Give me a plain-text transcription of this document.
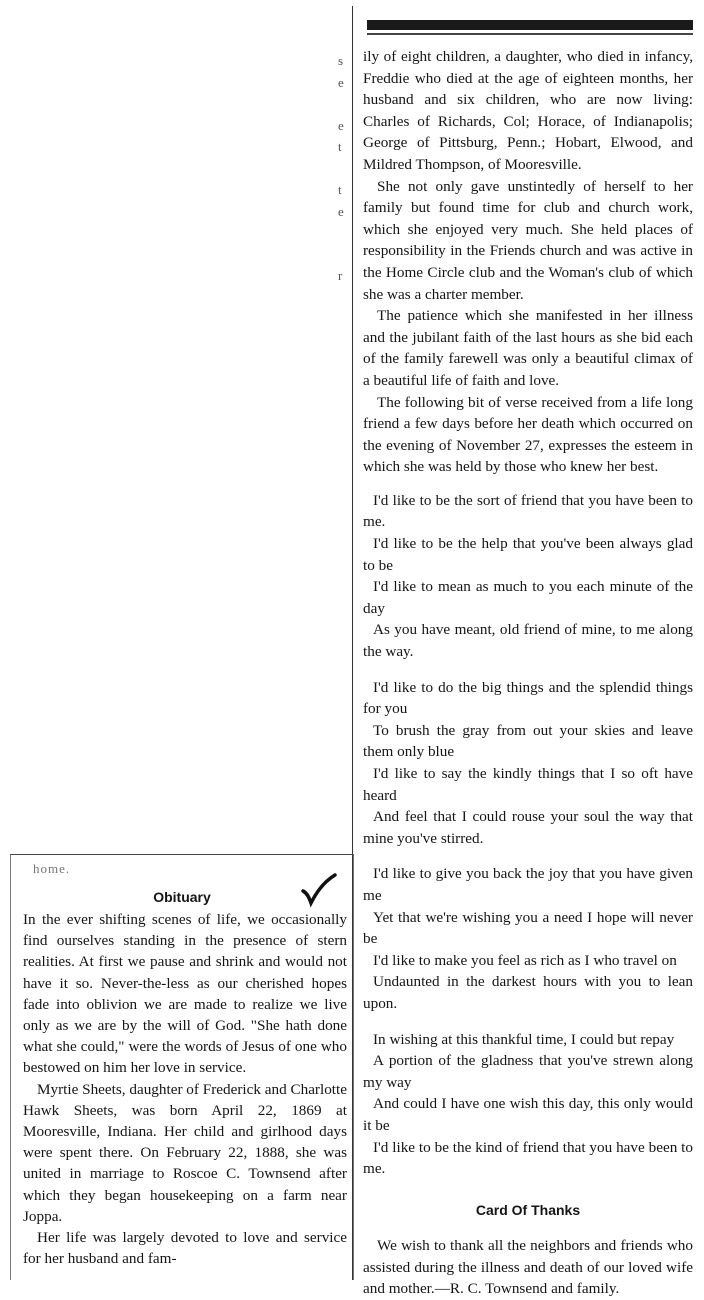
ily of eight children, a daughter, who died in infancy, Freddie who died at the age of eighteen months, her husband and six children, who are now living: Charles of Richards, Col; Horace, of Indianapolis; George of Pittsburg, Penn.; Hobart, Elwood, and Mildred Thompson, of Mooresville.

She not only gave unstintedly of herself to her family but found time for club and church work, which she enjoyed very much. She held places of responsibility in the Friends church and was active in the Home Circle club and the Woman's club of which she was a charter member.

The patience which she manifested in her illness and the jubilant faith of the last hours as she bid each of the family farewell was only a beautiful climax of a beautiful life of faith and love.

The following bit of verse received from a life long friend a few days before her death which occurred on the evening of November 27, expresses the esteem in which she was held by those who knew her best.

I'd like to be the sort of friend that you have been to me.

I'd like to be the help that you've been always glad to be

I'd like to mean as much to you each minute of the day

As you have meant, old friend of mine, to me along the way.

I'd like to do the big things and the splendid things for you

To brush the gray from out your skies and leave them only blue

I'd like to say the kindly things that I so oft have heard

And feel that I could rouse your soul the way that mine you've stirred.

I'd like to give you back the joy that you have given me

Yet that we're wishing you a need I hope will never be

I'd like to make you feel as rich as I who travel on

Undaunted in the darkest hours with you to lean upon.

In wishing at this thankful time, I could but repay

A portion of the gladness that you've strewn along my way

And could I have one wish this day, this only would it be

I'd like to be the kind of friend that you have been to me.

Card Of Thanks

We wish to thank all the neighbors and friends who assisted during the illness and death of our loved wife and mother.—R. C. Townsend and family.

s
e
e
t
t
e
r
home.
Obituary

In the ever shifting scenes of life, we occasionally find ourselves standing in the presence of stern realities. At first we pause and shrink and would not have it so. Never-the-less as our cherished hopes fade into oblivion we are made to realize we live only as we are by the will of God. "She hath done what she could," were the words of Jesus of one who bestowed on him her love in service.

Myrtie Sheets, daughter of Frederick and Charlotte Hawk Sheets, was born April 22, 1869 at Mooresville, Indiana. Her child and girlhood days were spent there. On February 22, 1888, she was united in marriage to Roscoe C. Townsend after which they began housekeeping on a farm near Joppa.

Her life was largely devoted to love and service for her husband and fam-
